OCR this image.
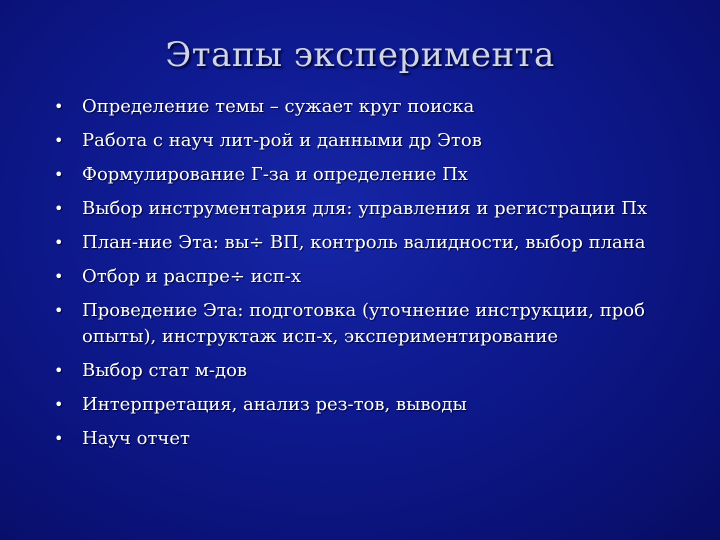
Этапы эксперимента
• Определение темы – сужает круг поиска
• Работа с науч лит-рой и данными др Этов
• Формулирование Г-за и определение Пх
• Выбор инструментария для: управления и регистрации Пх
• План-ние Эта: вы÷ ВП, контроль валидности, выбор плана
• Отбор и распре÷ исп-х
• Проведение Эта: подготовка (уточнение инструкции, проб опыты), инструктаж исп-х, экспериментирование
• Выбор стат м-дов
• Интерпретация, анализ рез-тов, выводы
• Науч отчет
